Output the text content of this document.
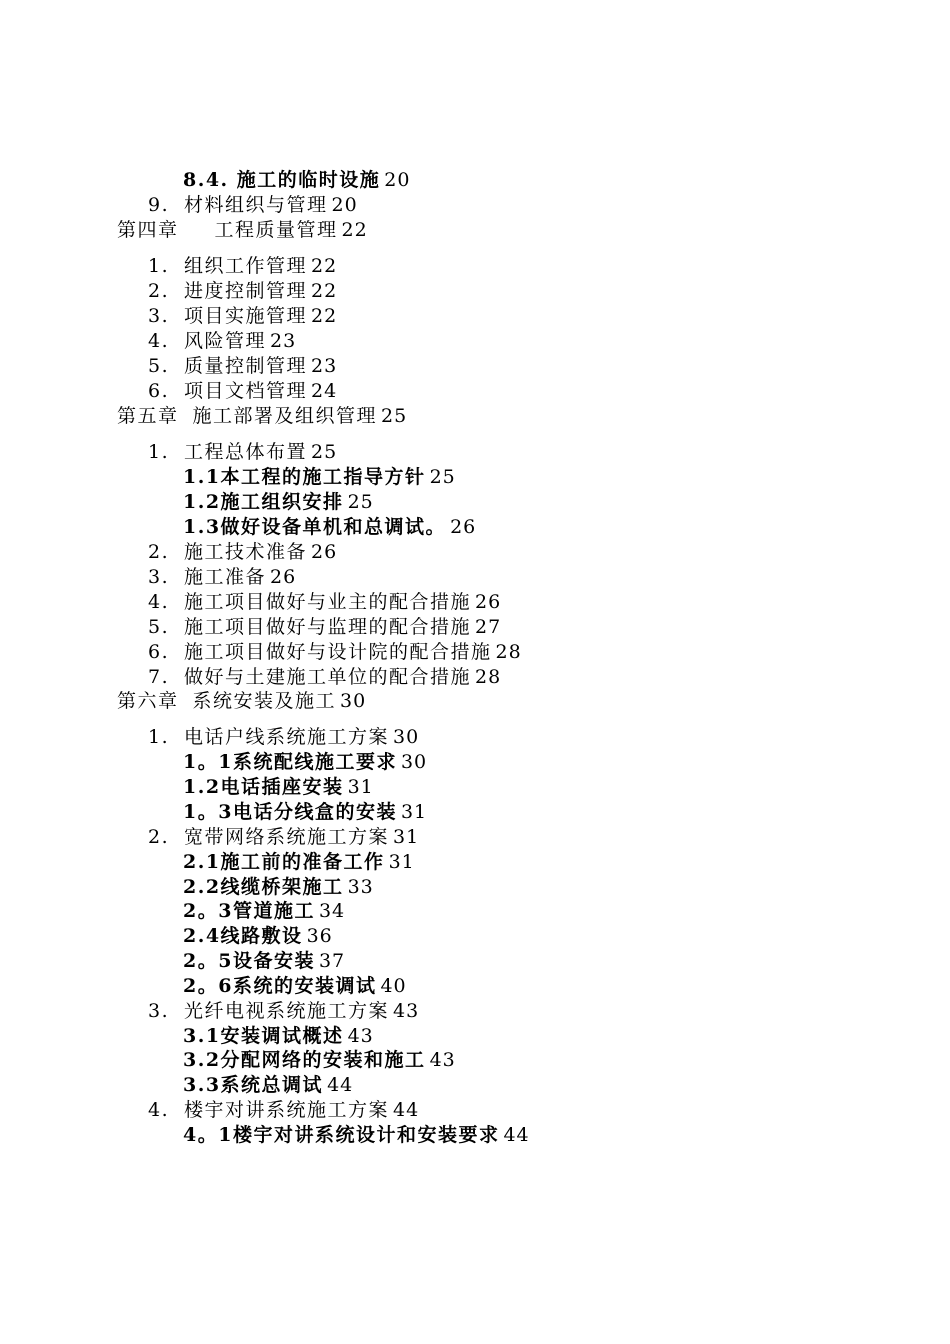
8.4. 施工的临时设施 20
9. 材料组织与管理 20
第四章 工程质量管理 22
1. 组织工作管理 22
2. 进度控制管理 22
3. 项目实施管理 22
4. 风险管理 23
5. 质量控制管理 23
6. 项目文档管理 24
第五章 施工部署及组织管理 25
1. 工程总体布置 25
1.1本工程的施工指导方针 25
1.2施工组织安排 25
1.3做好设备单机和总调试。 26
2. 施工技术准备 26
3. 施工准备 26
4. 施工项目做好与业主的配合措施 26
5. 施工项目做好与监理的配合措施 27
6. 施工项目做好与设计院的配合措施 28
7. 做好与土建施工单位的配合措施 28
第六章 系统安装及施工 30
1. 电话户线系统施工方案 30
1。1系统配线施工要求 30
1.2电话插座安装 31
1。3电话分线盒的安装 31
2. 宽带网络系统施工方案 31
2.1施工前的准备工作 31
2.2线缆桥架施工 33
2。3管道施工 34
2.4线路敷设 36
2。5设备安装 37
2。6系统的安装调试 40
3. 光纤电视系统施工方案 43
3.1安装调试概述 43
3.2分配网络的安装和施工 43
3.3系统总调试 44
4. 楼宇对讲系统施工方案 44
4。1楼宇对讲系统设计和安装要求 44
